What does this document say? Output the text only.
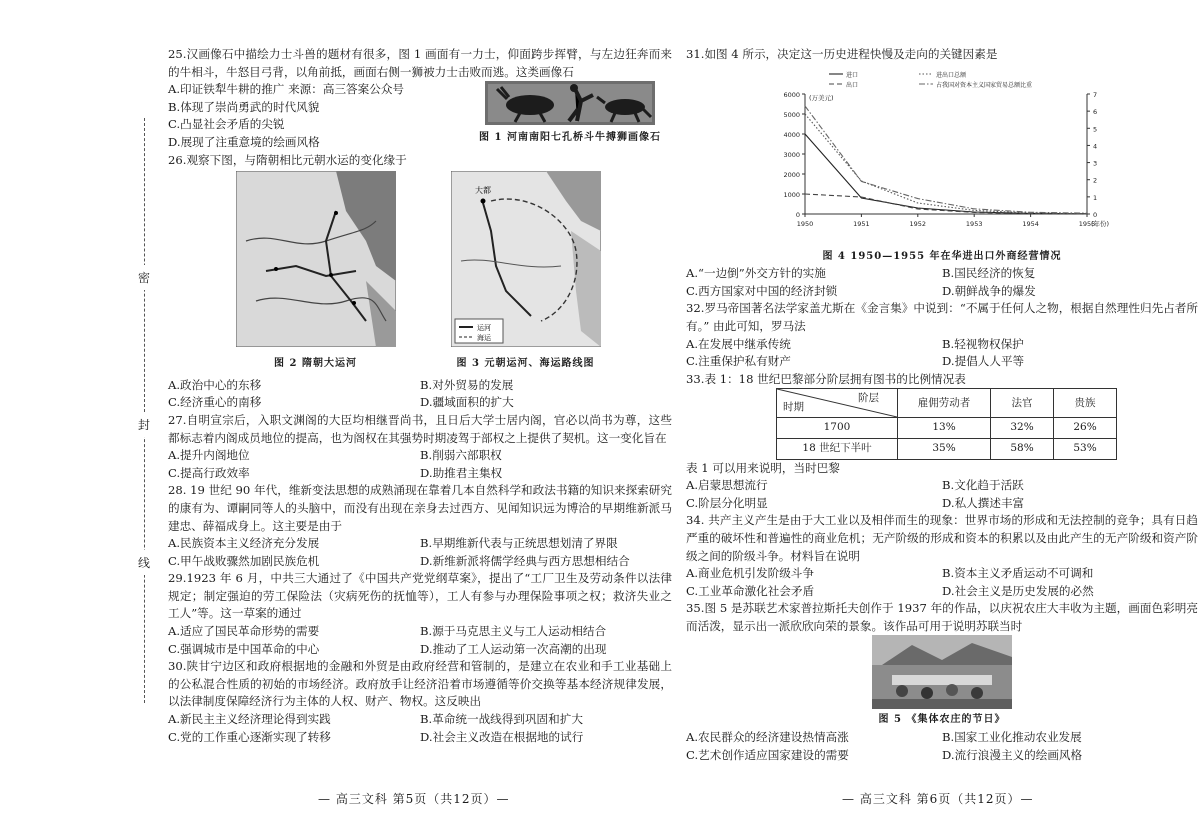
密
封
线
25.汉画像石中描绘力士斗兽的题材有很多，图 1 画面有一力士，仰面跨步挥臂，与左边狂奔而来的牛相斗，牛怒目弓背，以角前抵，画面右侧一狮被力士击败而逃。这类画像石
A.印证铁犁牛耕的推广 来源：高三答案公众号
B.体现了崇尚勇武的时代风貌
C.凸显社会矛盾的尖锐
D.展现了注重意境的绘画风格	图 1 河南南阳七孔桥斗牛搏狮画像石
26.观察下图，与隋朝相比元朝水运的变化缘于
图 2 隋朝大运河
大都
运河
海运
图 3 元朝运河、海运路线图
A.政治中心的东移	B.对外贸易的发展
C.经济重心的南移	D.疆域面积的扩大
27.自明宣宗后，入职文渊阁的大臣均相继晋尚书，且日后大学士居内阁，官必以尚书为尊，这些都标志着内阁成员地位的提高，也为阁权在其强势时期凌驾于部权之上提供了契机。这一变化旨在
A.提升内阁地位	B.削弱六部职权
C.提高行政效率	D.助推君主集权
28. 19 世纪 90 年代，维新变法思想的成熟涌现在靠着几本自然科学和政法书籍的知识来探索研究的康有为、谭嗣同等人的头脑中，而没有出现在亲身去过西方、见闻知识远为博洽的早期维新派马建忠、薛福成身上。这主要是由于
A.民族资本主义经济充分发展	B.早期维新代表与正统思想划清了界限
C.甲午战败骤然加剧民族危机	D.新维新派将儒学经典与西方思想相结合
29.1923 年 6 月，中共三大通过了《中国共产党党纲草案》，提出了“工厂卫生及劳动条件以法律规定；制定强迫的劳工保险法（灾病死伤的抚恤等），工人有参与办理保险事项之权；救济失业之工人”等。这一草案的通过
A.适应了国民革命形势的需要	B.源于马克思主义与工人运动相结合
C.强调城市是中国革命的中心	D.推动了工人运动第一次高潮的出现
30.陕甘宁边区和政府根据地的金融和外贸是由政府经营和管制的，是建立在农业和手工业基础上的公私混合性质的初始的市场经济。政府放手让经济沿着市场遵循等价交换等基本经济规律发展，以法律制度保障经济行为主体的人权、财产、物权。这反映出
A.新民主主义经济理论得到实践	B.革命统一战线得到巩固和扩大
C.党的工作重心逐渐实现了转移	D.社会主义改造在根据地的试行
— 高三文科 第5页（共12页）—
31.如图 4 所示，决定这一历史进程快慢及走向的关键因素是
0
1000
2000
3000
4000
5000
6000
0
1
2
3
4
5
6
7
1950	1951	1952	1953	1954	1955
(万美元)
(年份)
进口
出口
进出口总额
占我国对资本主义国家贸易总额比重
图 4 1950—1955 年在华进出口外商经营情况
A.“一边倒”外交方针的实施	B.国民经济的恢复
C.西方国家对中国的经济封锁	D.朝鲜战争的爆发
32.罗马帝国著名法学家盖尤斯在《金言集》中说到：“不属于任何人之物，根据自然理性归先占者所有。” 由此可知，罗马法
A.在发展中继承传统	B.轻视物权保护
C.注重保护私有财产	D.提倡人人平等
33.表 1：18 世纪巴黎部分阶层拥有图书的比例情况表
阶层
时期	雇佣劳动者	法官	贵族
1700	13%	32%	26%
18 世纪下半叶	35%	58%	53%
表 1 可以用来说明，当时巴黎
A.启蒙思想流行	B.文化趋于活跃
C.阶层分化明显	D.私人撰述丰富
34. 共产主义产生是由于大工业以及相伴而生的现象：世界市场的形成和无法控制的竞争；具有日趋严重的破坏性和普遍性的商业危机；无产阶级的形成和资本的积累以及由此产生的无产阶级和资产阶级之间的阶级斗争。材料旨在说明
A.商业危机引发阶级斗争	B.资本主义矛盾运动不可调和
C.工业革命激化社会矛盾	D.社会主义是历史发展的必然
35.图 5 是苏联艺术家普拉斯托夫创作于 1937 年的作品，以庆祝农庄大丰收为主题，画面色彩明亮而活泼，显示出一派欣欣向荣的景象。该作品可用于说明苏联当时
图 5 《集体农庄的节日》
A.农民群众的经济建设热情高涨	B.国家工业化推动农业发展
C.艺术创作适应国家建设的需要	D.流行浪漫主义的绘画风格
— 高三文科 第6页（共12页）—
